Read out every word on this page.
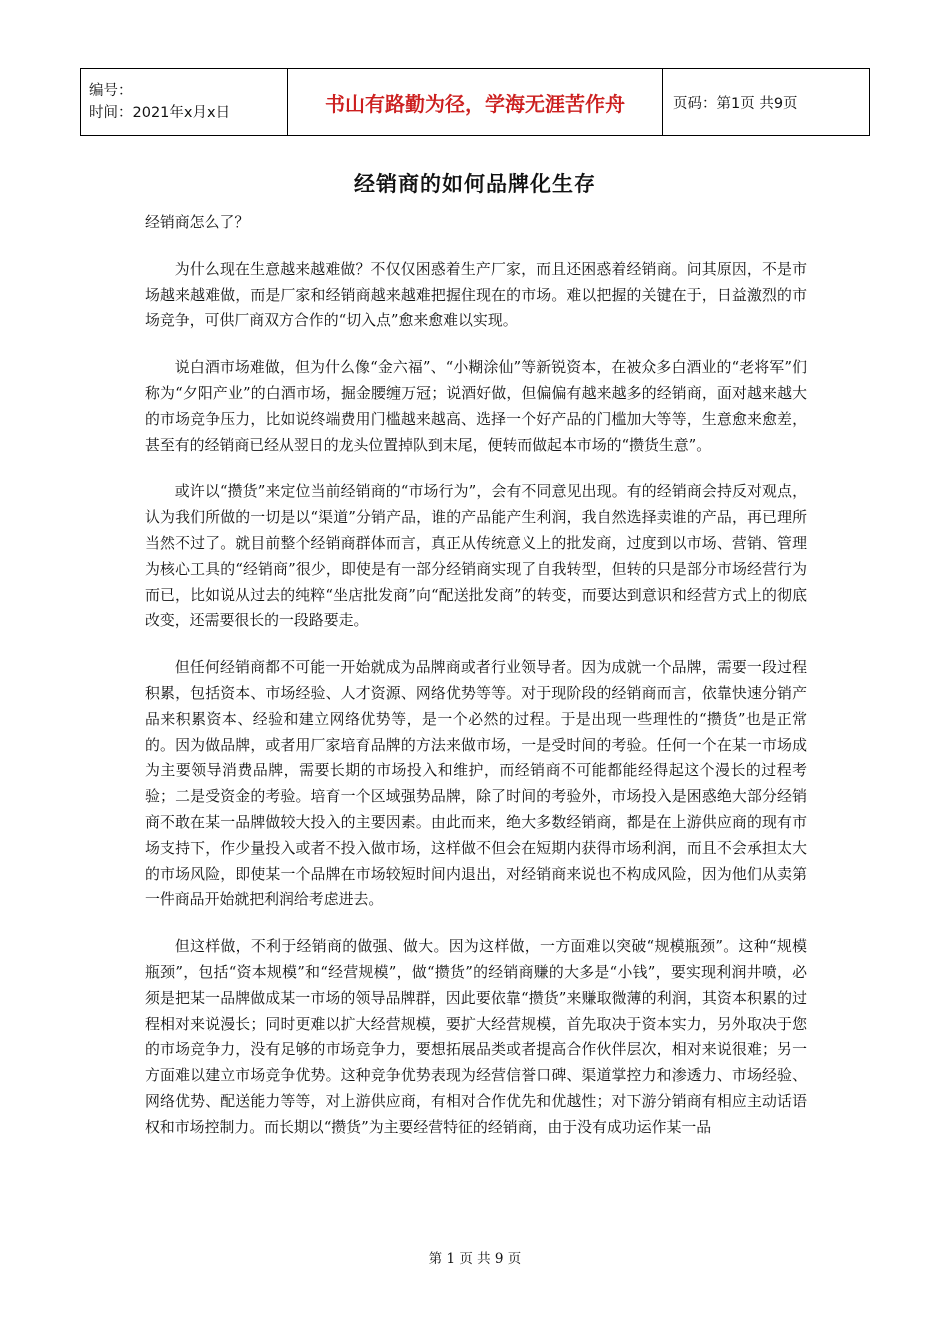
编号：
时间：2021年x月x日	书山有路勤为径，学海无涯苦作舟	页码：第1页 共9页
经销商的如何品牌化生存

经销商怎么了？

为什么现在生意越来越难做？不仅仅困惑着生产厂家，而且还困惑着经销商。问其原因，不是市场越来越难做，而是厂家和经销商越来越难把握住现在的市场。难以把握的关键在于，日益激烈的市场竞争，可供厂商双方合作的“切入点”愈来愈难以实现。

说白酒市场难做，但为什么像“金六福”、“小糊涂仙”等新锐资本，在被众多白酒业的“老将军”们称为“夕阳产业”的白酒市场，掘金腰缠万冠；说酒好做，但偏偏有越来越多的经销商，面对越来越大的市场竞争压力，比如说终端费用门槛越来越高、选择一个好产品的门槛加大等等，生意愈来愈差，甚至有的经销商已经从翌日的龙头位置掉队到末尾，便转而做起本市场的“攒货生意”。

或许以“攒货”来定位当前经销商的“市场行为”，会有不同意见出现。有的经销商会持反对观点，认为我们所做的一切是以“渠道”分销产品，谁的产品能产生利润，我自然选择卖谁的产品，再已理所当然不过了。就目前整个经销商群体而言，真正从传统意义上的批发商，过度到以市场、营销、管理为核心工具的“经销商”很少，即使是有一部分经销商实现了自我转型，但转的只是部分市场经营行为而已，比如说从过去的纯粹“坐店批发商”向“配送批发商”的转变，而要达到意识和经营方式上的彻底改变，还需要很长的一段路要走。

但任何经销商都不可能一开始就成为品牌商或者行业领导者。因为成就一个品牌，需要一段过程积累，包括资本、市场经验、人才资源、网络优势等等。对于现阶段的经销商而言，依靠快速分销产品来积累资本、经验和建立网络优势等，是一个必然的过程。于是出现一些理性的“攒货”也是正常的。因为做品牌，或者用厂家培育品牌的方法来做市场，一是受时间的考验。任何一个在某一市场成为主要领导消费品牌，需要长期的市场投入和维护，而经销商不可能都能经得起这个漫长的过程考验；二是受资金的考验。培育一个区域强势品牌，除了时间的考验外，市场投入是困惑绝大部分经销商不敢在某一品牌做较大投入的主要因素。由此而来，绝大多数经销商，都是在上游供应商的现有市场支持下，作少量投入或者不投入做市场，这样做不但会在短期内获得市场利润，而且不会承担太大的市场风险，即使某一个品牌在市场较短时间内退出，对经销商来说也不构成风险，因为他们从卖第一件商品开始就把利润给考虑进去。

但这样做，不利于经销商的做强、做大。因为这样做，一方面难以突破“规模瓶颈”。这种“规模瓶颈”，包括“资本规模”和“经营规模”，做“攒货”的经销商赚的大多是“小钱”，要实现利润井喷，必须是把某一品牌做成某一市场的领导品牌群，因此要依靠“攒货”来赚取微薄的利润，其资本积累的过程相对来说漫长；同时更难以扩大经营规模，要扩大经营规模，首先取决于资本实力，另外取决于您的市场竞争力，没有足够的市场竞争力，要想拓展品类或者提高合作伙伴层次，相对来说很难；另一方面难以建立市场竞争优势。这种竞争优势表现为经营信誉口碑、渠道掌控力和渗透力、市场经验、网络优势、配送能力等等，对上游供应商，有相对合作优先和优越性；对下游分销商有相应主动话语权和市场控制力。而长期以“攒货”为主要经营特征的经销商，由于没有成功运作某一品

第 1 页 共 9 页
